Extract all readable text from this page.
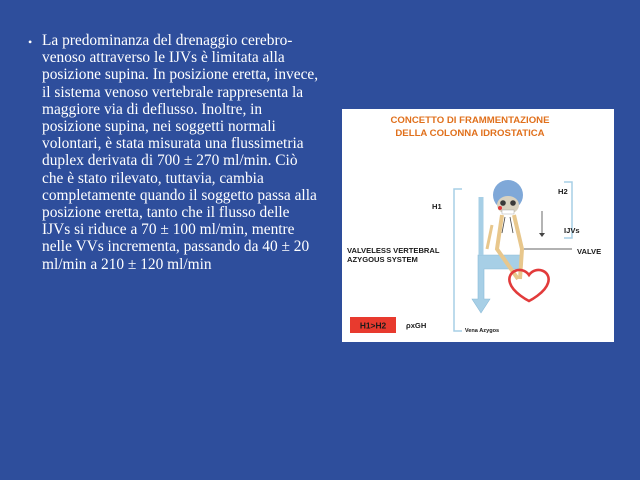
• La predominanza del drenaggio cerebro- venoso attraverso le IJVs è limitata alla posizione supina. In posizione eretta, invece, il sistema venoso vertebrale rappresenta la maggiore via di deflusso. Inoltre, in posizione supina, nei soggetti normali volontari, è stata misurata una flussimetria duplex derivata di 700 ± 270 ml/min. Ciò che è stato rilevato, tuttavia, cambia completamente quando il soggetto passa alla posizione eretta, tanto che il flusso delle IJVs si riduce a 70 ± 100 ml/min, mentre nelle VVs incrementa, passando da 40 ± 20 ml/min a 210 ± 120 ml/min

CONCETTO DI FRAMMENTAZIONE
DELLA COLONNA IDROSTATICA
H1
H2
IJVs
VALVE
VALVELESS VERTEBRAL
AZYGOUS SYSTEM
H1>H2	ρxGH
Vena Azygos
